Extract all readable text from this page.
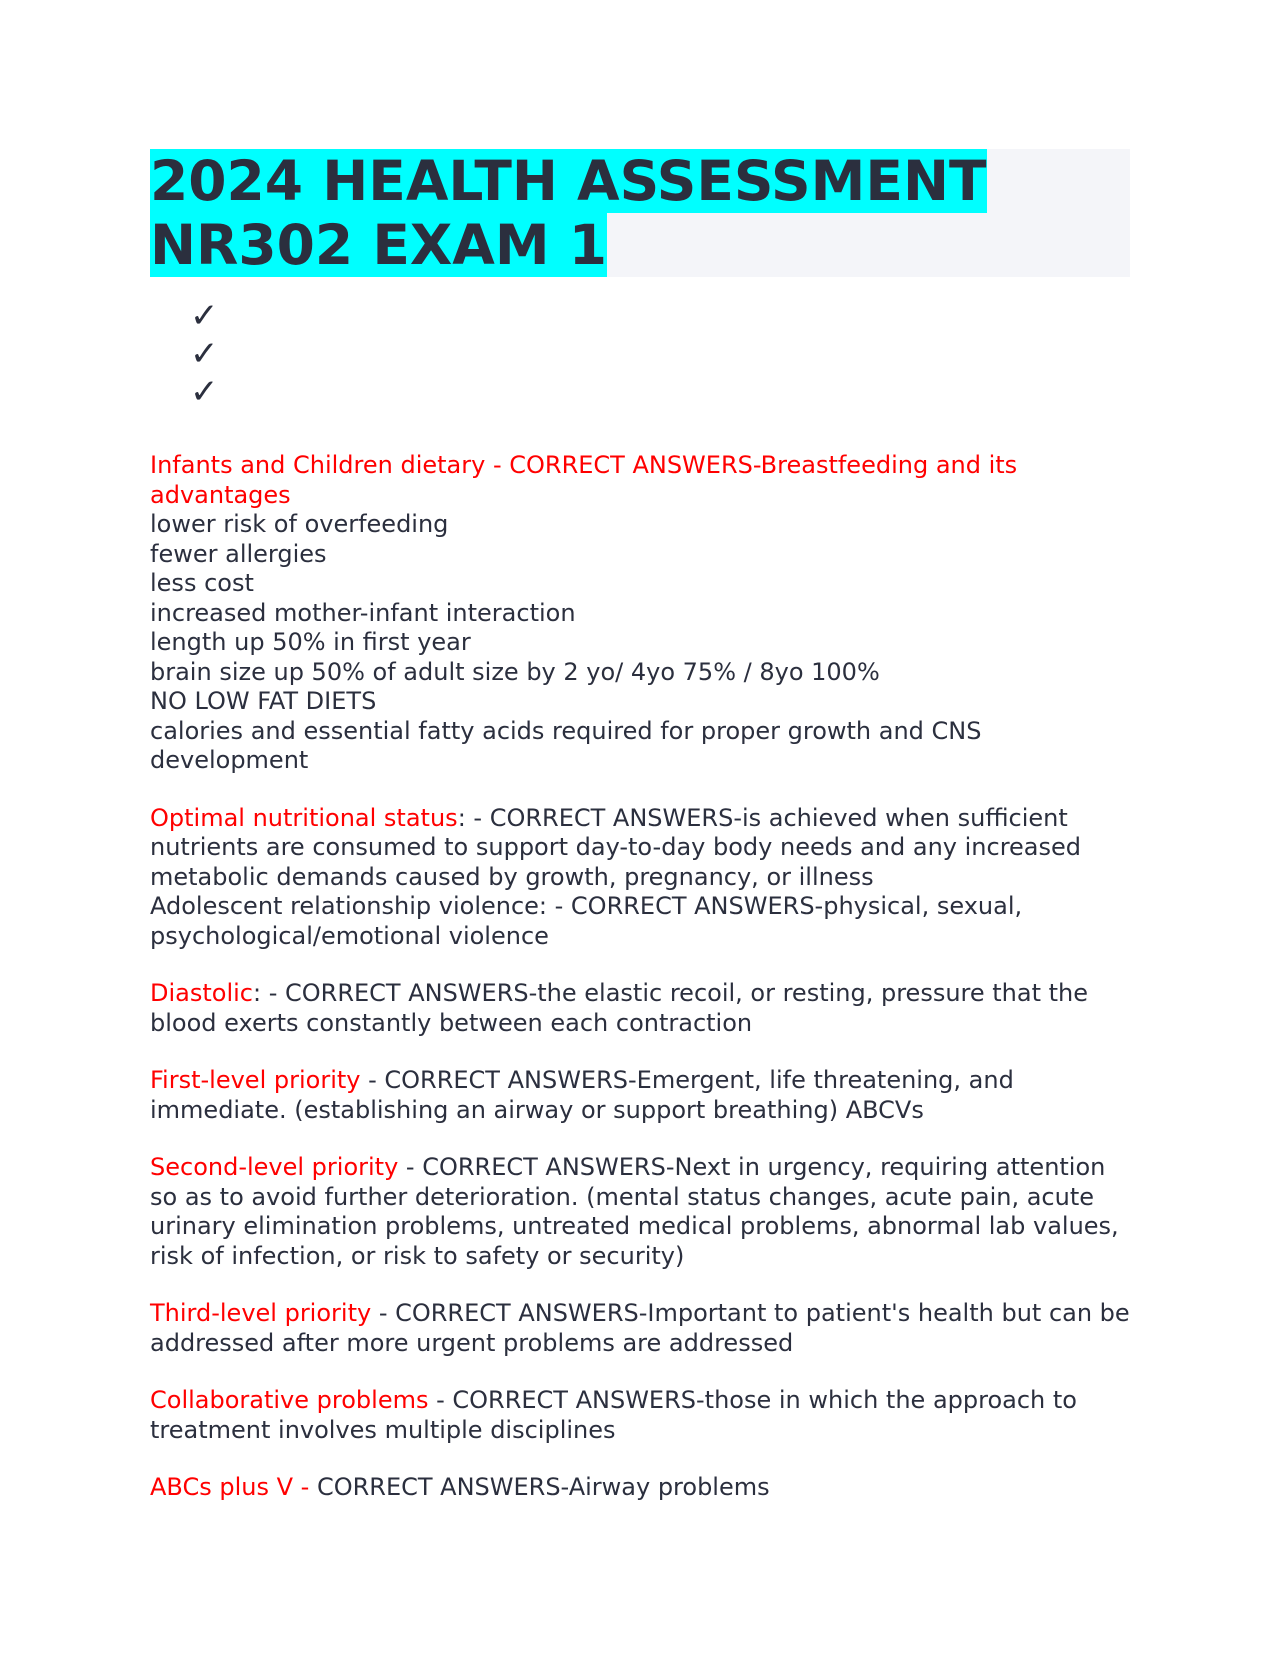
2024 HEALTH ASSESSMENT
NR302 EXAM 1
✓
✓
✓

Infants and Children dietary - CORRECT ANSWERS-Breastfeeding and its advantages
lower risk of overfeeding
fewer allergies
less cost
increased mother-infant interaction
length up 50% in first year
brain size up 50% of adult size by 2 yo/ 4yo 75% / 8yo 100%
NO LOW FAT DIETS
calories and essential fatty acids required for proper growth and CNS development

Optimal nutritional status: - CORRECT ANSWERS-is achieved when sufficient nutrients are consumed to support day-to-day body needs and any increased metabolic demands caused by growth, pregnancy, or illness
Adolescent relationship violence: - CORRECT ANSWERS-physical, sexual, psychological/emotional violence

Diastolic: - CORRECT ANSWERS-the elastic recoil, or resting, pressure that the blood exerts constantly between each contraction

First-level priority - CORRECT ANSWERS-Emergent, life threatening, and immediate. (establishing an airway or support breathing) ABCVs

Second-level priority - CORRECT ANSWERS-Next in urgency, requiring attention so as to avoid further deterioration. (mental status changes, acute pain, acute urinary elimination problems, untreated medical problems, abnormal lab values, risk of infection, or risk to safety or security)

Third-level priority - CORRECT ANSWERS-Important to patient's health but can be addressed after more urgent problems are addressed

Collaborative problems - CORRECT ANSWERS-those in which the approach to treatment involves multiple disciplines

ABCs plus V - CORRECT ANSWERS-Airway problems
